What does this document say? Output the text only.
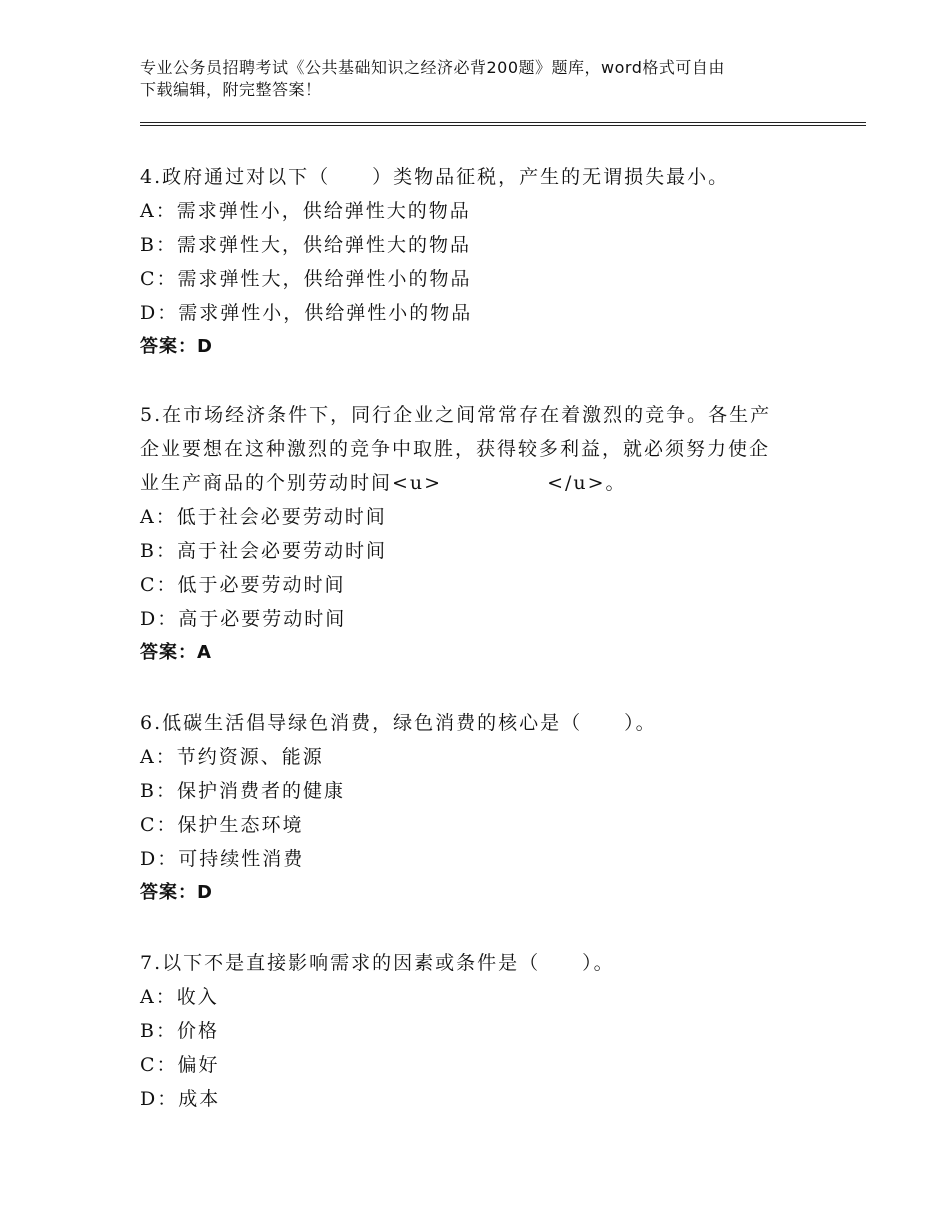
专业公务员招聘考试《公共基础知识之经济必背200题》题库，word格式可自由
下载编辑，附完整答案！

4.政府通过对以下（　　）类物品征税，产生的无谓损失最小。

A：需求弹性小，供给弹性大的物品

B：需求弹性大，供给弹性大的物品

C：需求弹性大，供给弹性小的物品

D：需求弹性小，供给弹性小的物品

答案：D

5.在市场经济条件下，同行企业之间常常存在着激烈的竞争。各生产

企业要想在这种激烈的竞争中取胜，获得较多利益，就必须努力使企

业生产商品的个别劳动时间<u>　　　　　</u>。

A：低于社会必要劳动时间

B：高于社会必要劳动时间

C：低于必要劳动时间

D：高于必要劳动时间

答案：A

6.低碳生活倡导绿色消费，绿色消费的核心是（　　）。

A：节约资源、能源

B：保护消费者的健康

C：保护生态环境

D：可持续性消费

答案：D

7.以下不是直接影响需求的因素或条件是（　　）。

A：收入

B：价格

C：偏好

D：成本
